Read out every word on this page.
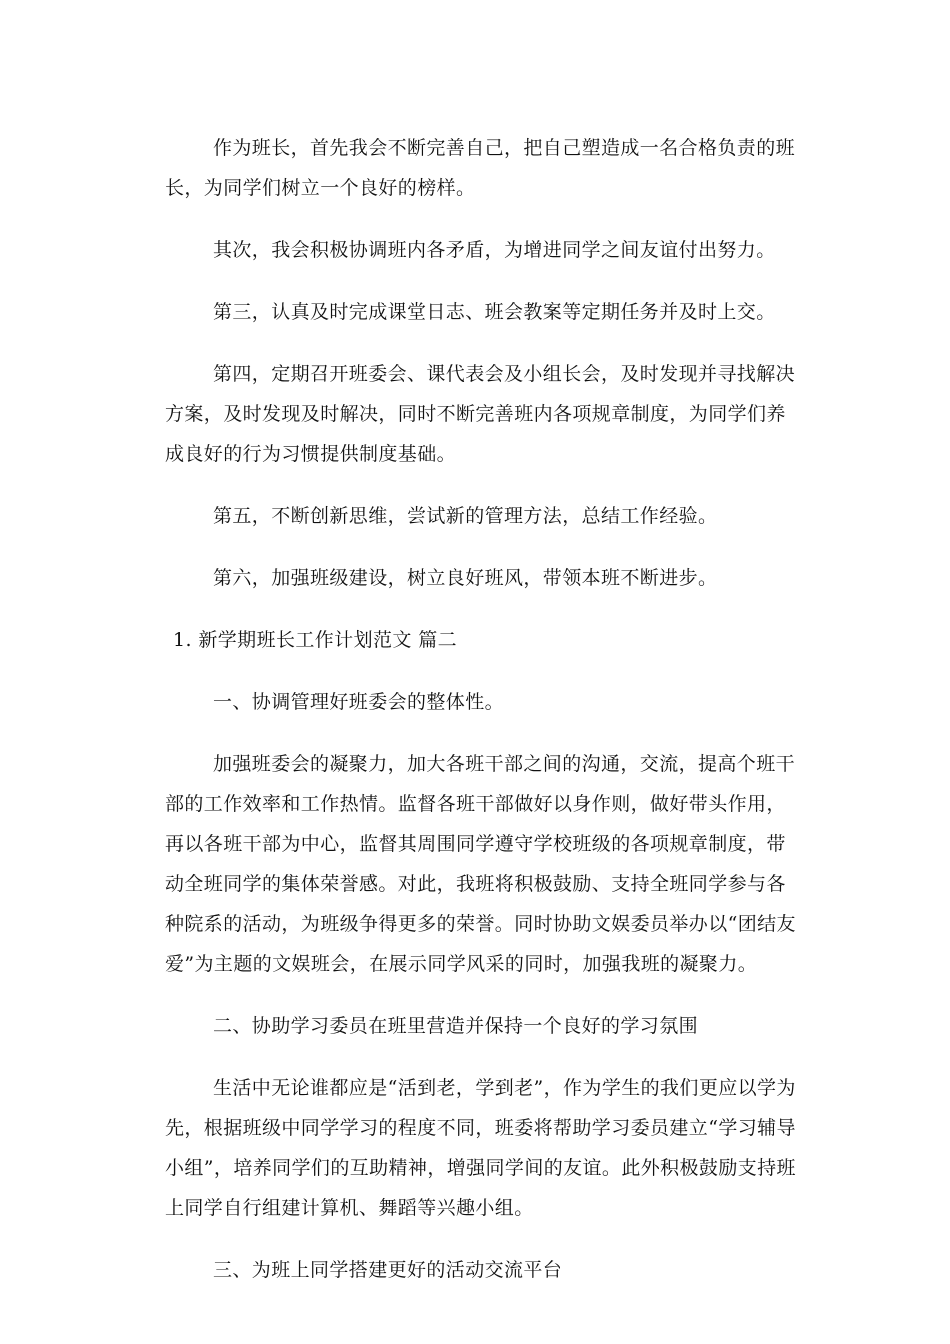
作为班长，首先我会不断完善自己，把自己塑造成一名合格负责的班长，为同学们树立一个良好的榜样。

其次，我会积极协调班内各矛盾，为增进同学之间友谊付出努力。

第三，认真及时完成课堂日志、班会教案等定期任务并及时上交。

第四，定期召开班委会、课代表会及小组长会，及时发现并寻找解决方案，及时发现及时解决，同时不断完善班内各项规章制度，为同学们养成良好的行为习惯提供制度基础。

第五，不断创新思维，尝试新的管理方法，总结工作经验。

第六，加强班级建设，树立良好班风，带领本班不断进步。

1. 新学期班长工作计划范文 篇二

一、协调管理好班委会的整体性。

加强班委会的凝聚力，加大各班干部之间的沟通，交流，提高个班干部的工作效率和工作热情。监督各班干部做好以身作则，做好带头作用，再以各班干部为中心，监督其周围同学遵守学校班级的各项规章制度，带动全班同学的集体荣誉感。对此，我班将积极鼓励、支持全班同学参与各种院系的活动，为班级争得更多的荣誉。同时协助文娱委员举办以“团结友爱”为主题的文娱班会，在展示同学风采的同时，加强我班的凝聚力。

二、协助学习委员在班里营造并保持一个良好的学习氛围

生活中无论谁都应是“活到老，学到老”，作为学生的我们更应以学为先，根据班级中同学学习的程度不同，班委将帮助学习委员建立“学习辅导小组”，培养同学们的互助精神，增强同学间的友谊。此外积极鼓励支持班上同学自行组建计算机、舞蹈等兴趣小组。

三、为班上同学搭建更好的活动交流平台
